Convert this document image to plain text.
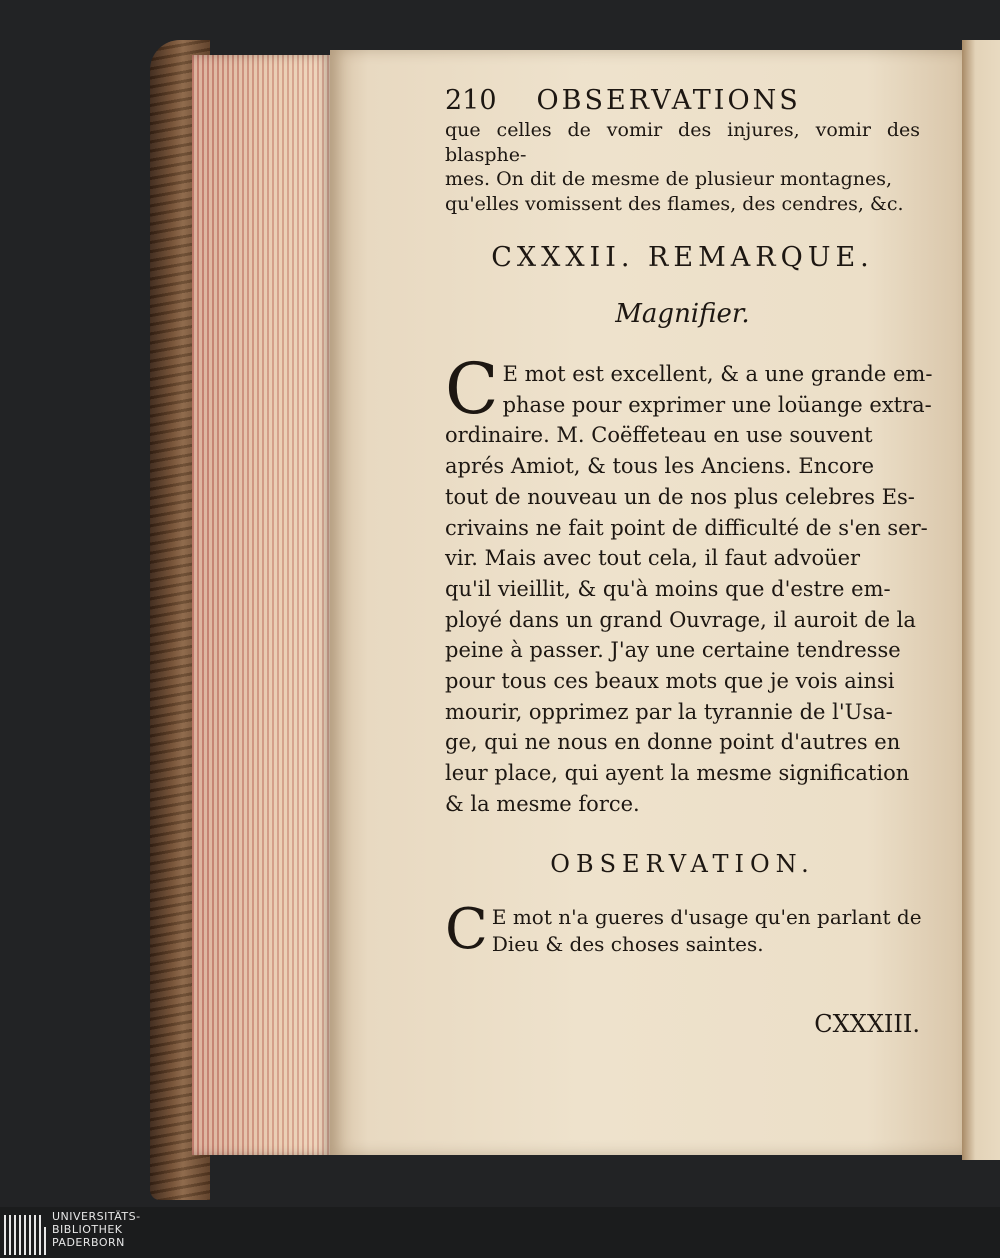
210 OBSERVATIONS

que celles de vomir des injures, vomir des blasphe-
mes. On dit de mesme de plusieur montagnes,
qu'elles vomissent des flames, des cendres, &c.

CXXXII. REMARQUE.
Magnifier.

C E mot est excellent, & a une grande em-
phase pour exprimer une loüange extra-
ordinaire. M. Coëffeteau en use souvent
aprés Amiot, & tous les Anciens. Encore
tout de nouveau un de nos plus celebres Es-
crivains ne fait point de difficulté de s'en ser-
vir. Mais avec tout cela, il faut advoüer
qu'il vieillit, & qu'à moins que d'estre em-
ployé dans un grand Ouvrage, il auroit de la
peine à passer. J'ay une certaine tendresse
pour tous ces beaux mots que je vois ainsi
mourir, opprimez par la tyrannie de l'Usa-
ge, qui ne nous en donne point d'autres en
leur place, qui ayent la mesme signification
& la mesme force.

OBSERVATION.

C E mot n'a gueres d'usage qu'en parlant de
Dieu & des choses saintes.

CXXXIII.
UNIVERSITÄTS-
BIBLIOTHEK
PADERBORN
